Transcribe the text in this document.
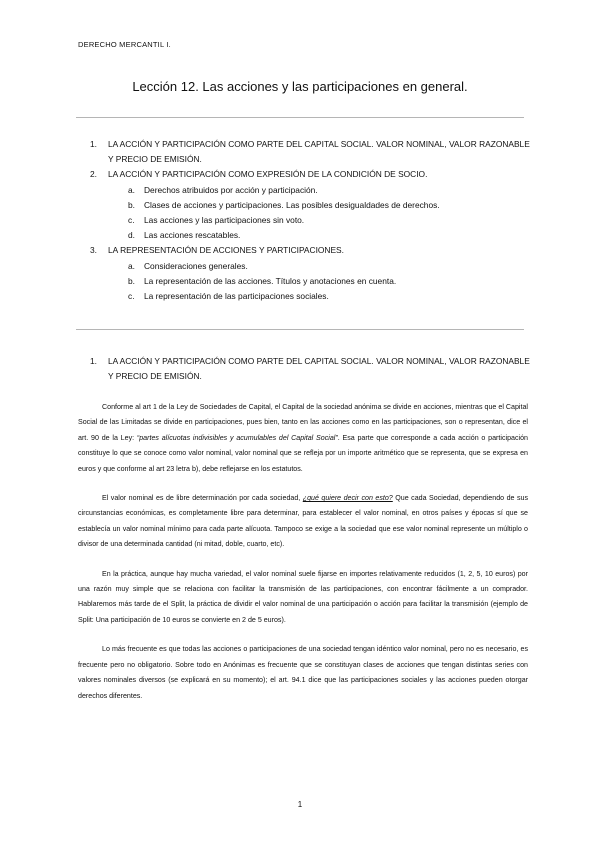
DERECHO MERCANTIL I.
Lección 12. Las acciones y las participaciones en general.
1.	LA ACCIÓN Y PARTICIPACIÓN COMO PARTE DEL CAPITAL SOCIAL. VALOR NOMINAL, VALOR RAZONABLE Y PRECIO DE EMISIÓN.
2.	LA ACCIÓN Y PARTICIPACIÓN COMO EXPRESIÓN DE LA CONDICIÓN DE SOCIO.
a.	Derechos atribuidos por acción y participación.
b.	Clases de acciones y participaciones. Las posibles desigualdades de derechos.
c.	Las acciones y las participaciones sin voto.
d.	Las acciones rescatables.
3.	LA REPRESENTACIÓN DE ACCIONES Y PARTICIPACIONES.
a.	Consideraciones generales.
b.	La representación de las acciones. Títulos y anotaciones en cuenta.
c.	La representación de las participaciones sociales.
1.	LA ACCIÓN Y PARTICIPACIÓN COMO PARTE DEL CAPITAL SOCIAL. VALOR NOMINAL, VALOR RAZONABLE Y PRECIO DE EMISIÓN.

Conforme al art 1 de la Ley de Sociedades de Capital, el Capital de la sociedad anónima se divide en acciones, mientras que el Capital Social de las Limitadas se divide en participaciones, pues bien, tanto en las acciones como en las participaciones, son o representan, dice el art. 90 de la Ley: “partes alícuotas indivisibles y acumulables del Capital Social”. Esa parte que corresponde a cada acción o participación constituye lo que se conoce como valor nominal, valor nominal que se refleja por un importe aritmético que se representa, que se expresa en euros y que conforme al art 23 letra b), debe reflejarse en los estatutos.

El valor nominal es de libre determinación por cada sociedad, ¿qué quiere decir con esto? Que cada Sociedad, dependiendo de sus circunstancias económicas, es completamente libre para determinar, para establecer el valor nominal, en otros países y épocas sí que se establecía un valor nominal mínimo para cada parte alícuota. Tampoco se exige a la sociedad que ese valor nominal represente un múltiplo o divisor de una determinada cantidad (ni mitad, doble, cuarto, etc).

En la práctica, aunque hay mucha variedad, el valor nominal suele fijarse en importes relativamente reducidos (1, 2, 5, 10 euros) por una razón muy simple que se relaciona con facilitar la transmisión de las participaciones, con encontrar fácilmente a un comprador. Hablaremos más tarde de el Split, la práctica de dividir el valor nominal de una participación o acción para facilitar la transmisión (ejemplo de Split: Una participación de 10 euros se convierte en 2 de 5 euros).

Lo más frecuente es que todas las acciones o participaciones de una sociedad tengan idéntico valor nominal, pero no es necesario, es frecuente pero no obligatorio. Sobre todo en Anónimas es frecuente que se constituyan clases de acciones que tengan distintas series con valores nominales diversos (se explicará en su momento); el art. 94.1 dice que las participaciones sociales y las acciones pueden otorgar derechos diferentes.

1
